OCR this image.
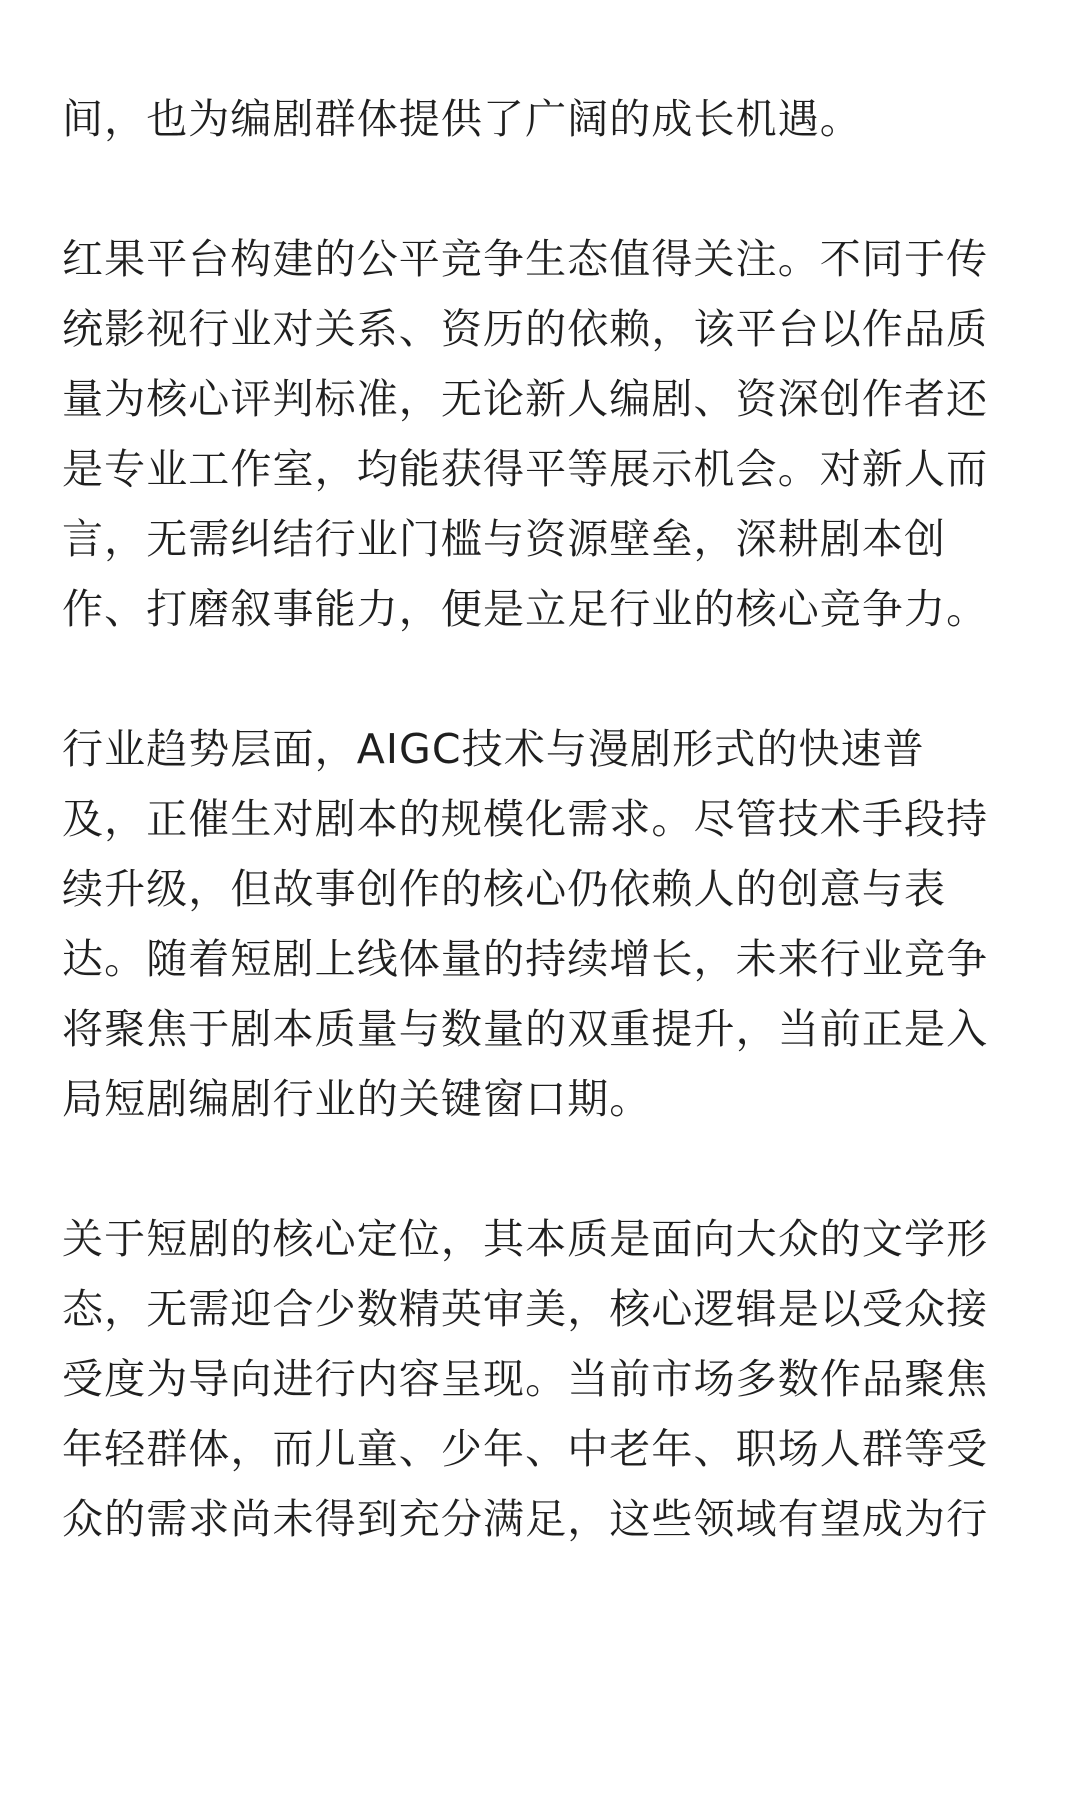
间，也为编剧群体提供了广阔的成长机遇。

红果平台构建的公平竞争生态值得关注。不同于传
统影视行业对关系、资历的依赖，该平台以作品质
量为核心评判标准，无论新人编剧、资深创作者还
是专业工作室，均能获得平等展示机会。对新人而
言，无需纠结行业门槛与资源壁垒，深耕剧本创
作、打磨叙事能力，便是立足行业的核心竞争力。

行业趋势层面，AIGC技术与漫剧形式的快速普
及，正催生对剧本的规模化需求。尽管技术手段持
续升级，但故事创作的核心仍依赖人的创意与表
达。随着短剧上线体量的持续增长，未来行业竞争
将聚焦于剧本质量与数量的双重提升，当前正是入
局短剧编剧行业的关键窗口期。

关于短剧的核心定位，其本质是面向大众的文学形
态，无需迎合少数精英审美，核心逻辑是以受众接
受度为导向进行内容呈现。当前市场多数作品聚焦
年轻群体，而儿童、少年、中老年、职场人群等受
众的需求尚未得到充分满足，这些领域有望成为行
